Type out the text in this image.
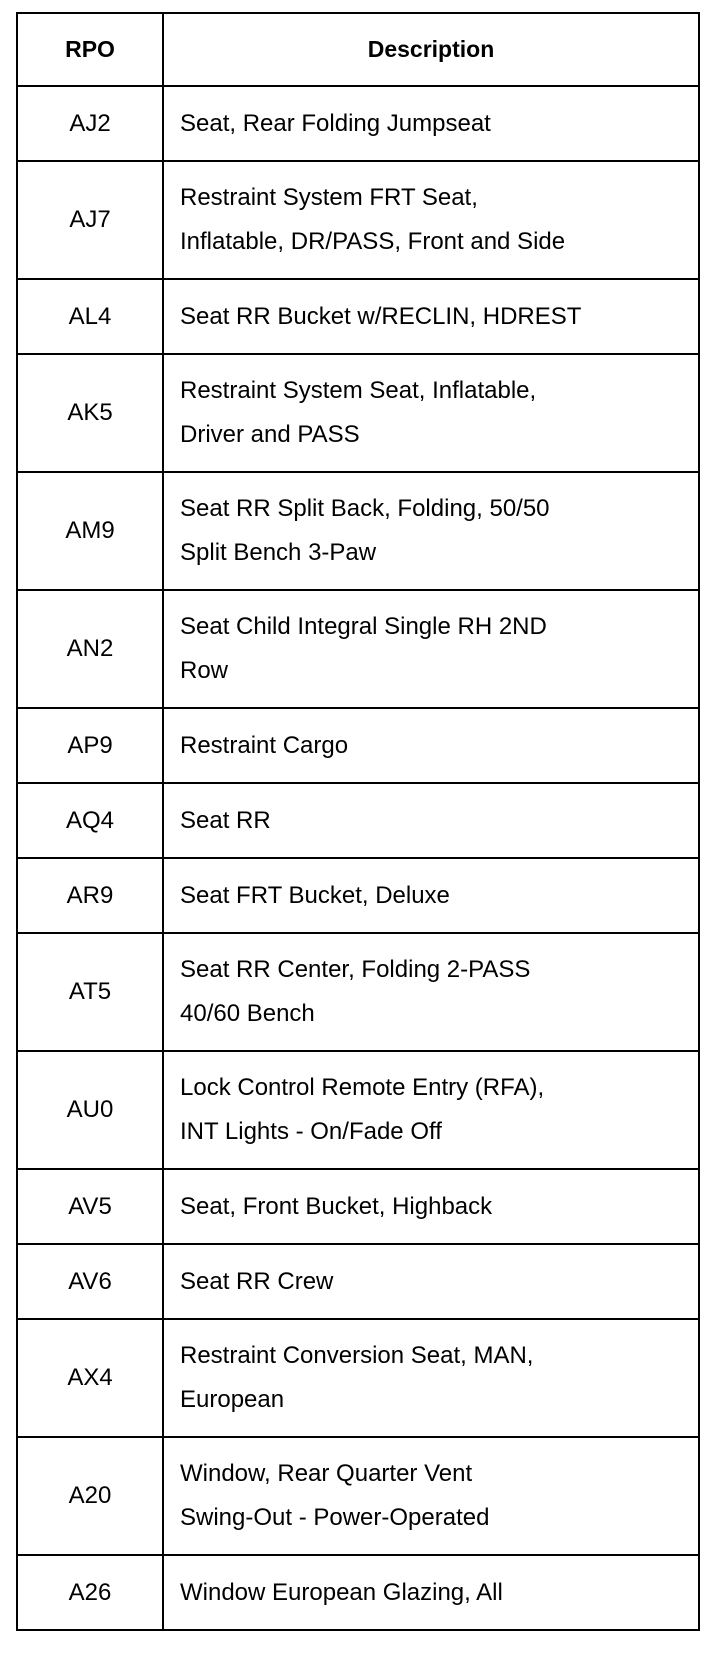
RPO	Description
AJ2	Seat, Rear Folding Jumpseat

AJ7	Restraint System FRT Seat,
Inflatable, DR/PASS, Front and Side

AL4	Seat RR Bucket w/RECLIN, HDREST

AK5	Restraint System Seat, Inflatable,
Driver and PASS

AM9	Seat RR Split Back, Folding, 50/50
Split Bench 3-Paw

AN2	Seat Child Integral Single RH 2ND
Row

AP9	Restraint Cargo

AQ4	Seat RR

AR9	Seat FRT Bucket, Deluxe

AT5	Seat RR Center, Folding 2-PASS
40/60 Bench

AU0	Lock Control Remote Entry (RFA),
INT Lights - On/Fade Off

AV5	Seat, Front Bucket, Highback

AV6	Seat RR Crew

AX4	Restraint Conversion Seat, MAN,
European

A20	Window, Rear Quarter Vent
Swing-Out - Power-Operated

A26	Window European Glazing, All
